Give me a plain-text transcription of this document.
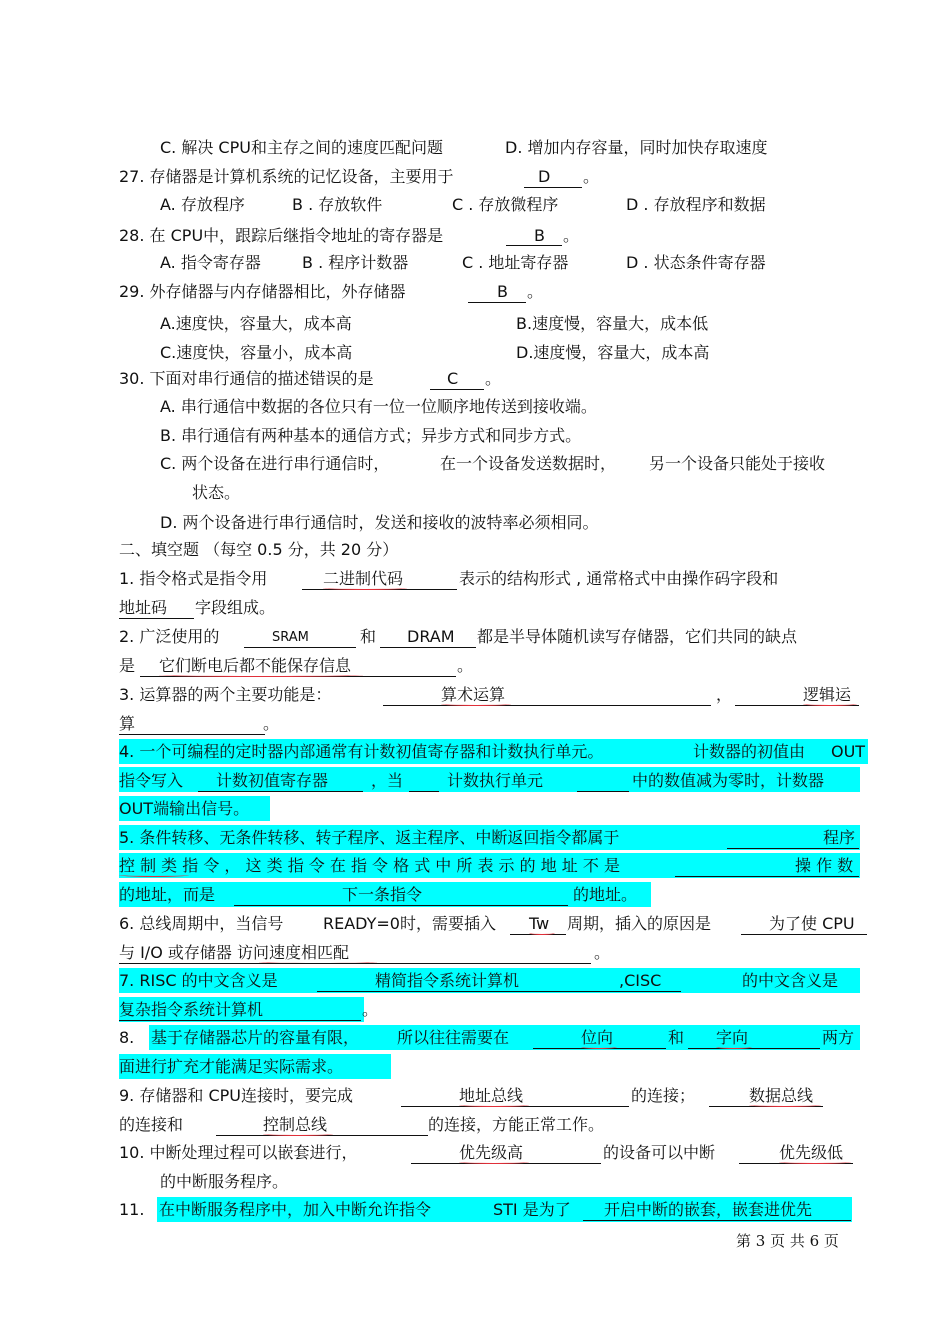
C. 解决 CPU和主存之间的速度匹配问题	D. 增加内存容量，同时加快存取速度
27. 存储器是计算机系统的记忆设备，主要用于	D 。
A. 存放程序	B . 存放软件	C . 存放微程序	D . 存放程序和数据
28. 在 CPU中，跟踪后继指令地址的寄存器是	B 。
A. 指令寄存器	B . 程序计数器	C . 地址寄存器	D . 状态条件寄存器
29. 外存储器与内存储器相比，外存储器	B 。
A.速度快，容量大，成本高	B.速度慢，容量大，成本低
C.速度快，容量小，成本高	D.速度慢，容量大，成本高
30. 下面对串行通信的描述错误的是	C 。
A. 串行通信中数据的各位只有一位一位顺序地传送到接收端。
B. 串行通信有两种基本的通信方式；异步方式和同步方式。
C. 两个设备在进行串行通信时，	在一个设备发送数据时， 另一个设备只能处于接收
状态。
D. 两个设备进行串行通信时，发送和接收的波特率必须相同。
二、填空题 （每空 0.5 分，共 20 分）
1. 指令格式是指令用	二进制代码	表示的结构形式 , 通常格式中由操作码字段和
地址码 字段组成。
2. 广泛使用的	SRAM	和 DRAM 都是半导体随机读写存储器，它们共同的缺点
是 它们断电后都不能保存信息	。
3. 运算器的两个主要功能是：	算术运算	，	逻辑运
算	。
4. 一个可编程的定时器内部通常有计数初值寄存器和计数执行单元。	计数器的初值由 OUT
指令写入 计数初值寄存器	，当	计数执行单元	中的数值减为零时，计数器
OUT端输出信号。
5. 条件转移、无条件转移、转子程序、返主程序、中断返回指令都属于	程序
控 制 类 指 令 ， 这 类 指 令 在 指 令 格 式 中 所 表 示 的 地 址 不 是	操 作 数
的地址，而是	下一条指令	的地址。
6. 总线周期中，当信号 READY=0时，需要插入 Tw 周期，插入的原因是	为了使 CPU
与 I/O 或存储器 访问速度相匹配	。
7. RISC 的中文含义是	精简指令系统计算机	,CISC	的中文含义是
复杂指令系统计算机	。
8. 基于存储器芯片的容量有限， 所以往往需要在	位向	和 字向	两方
面进行扩充才能满足实际需求。
9. 存储器和 CPU连接时，要完成	地址总线	的连接；	数据总线
的连接和	控制总线	的连接，方能正常工作。
10. 中断处理过程可以嵌套进行，	优先级高	的设备可以中断	优先级低
的中断服务程序。
11. 在中断服务程序中，加入中断允许指令	STI 是为了 开启中断的嵌套，嵌套进优先
第 3 页 共 6 页
